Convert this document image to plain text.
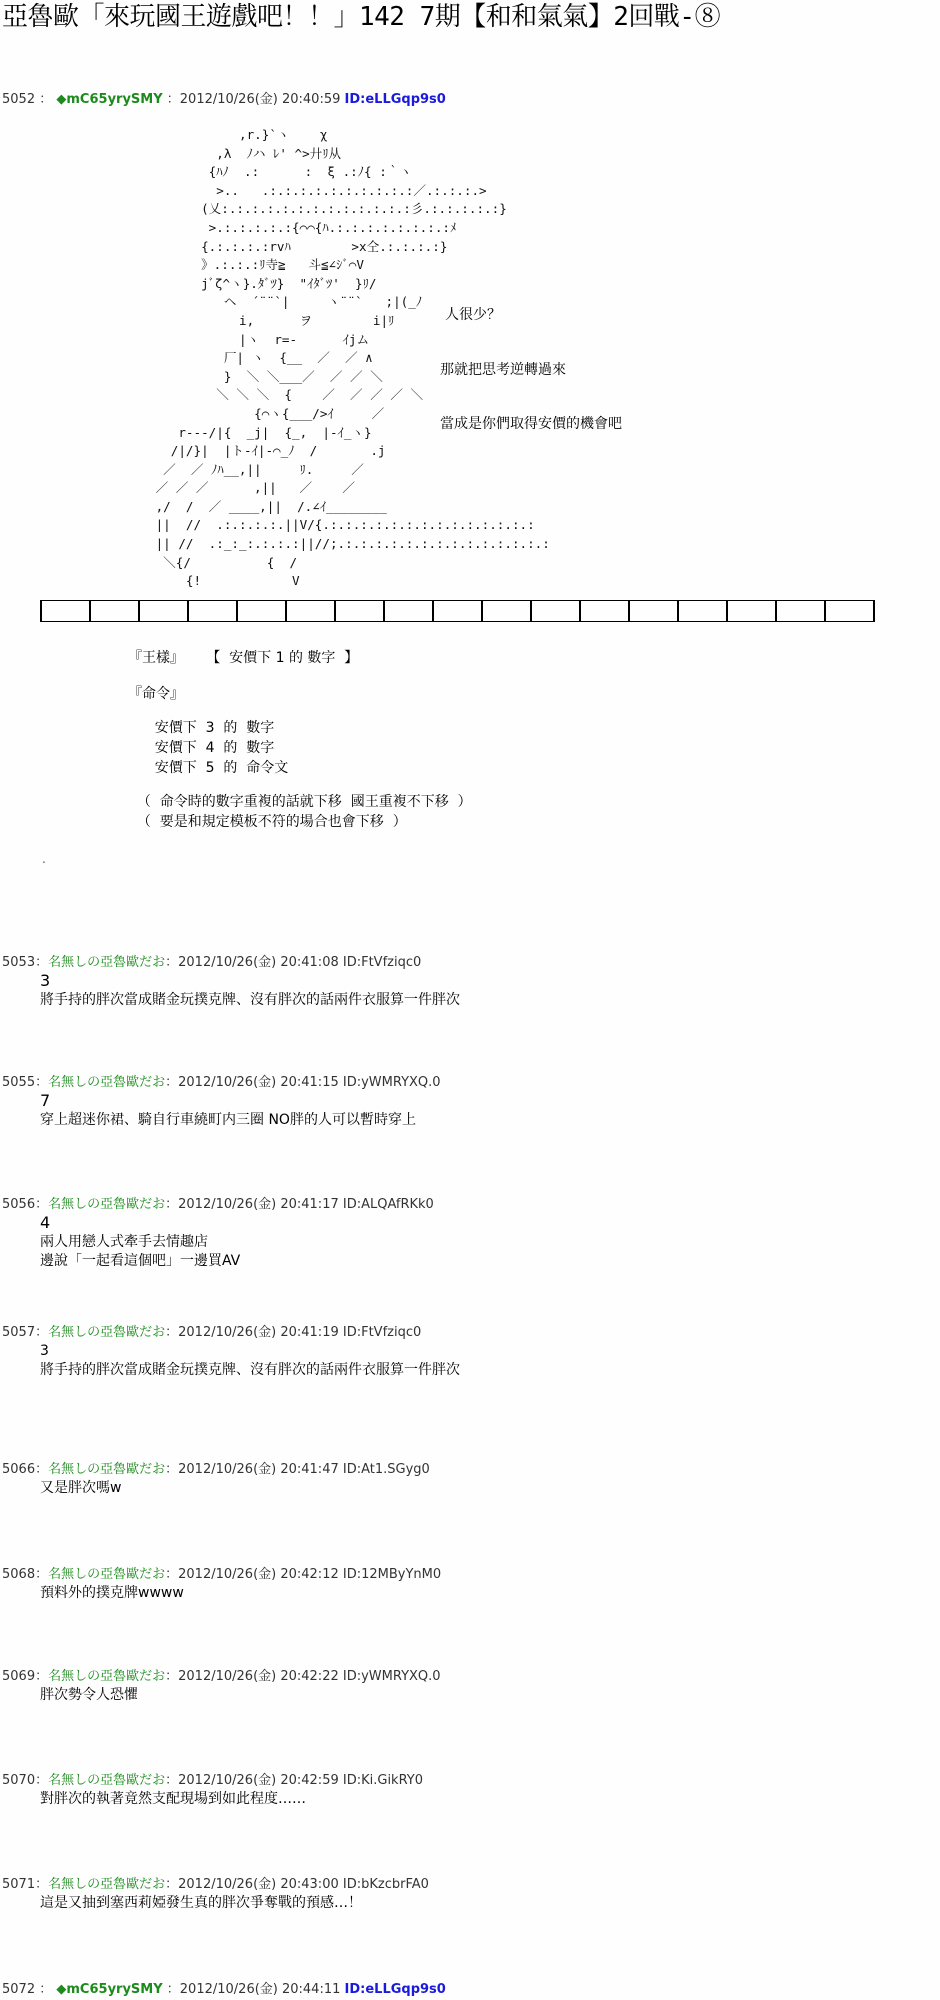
亞魯歐「來玩國王遊戲吧！！」142 7期【和和氣氣】2回戰-⑧
5052 ： ◆mC65yrySMY ：2012/10/26(金) 20:40:59 ID:eLLGqp9s0
,r.}`ヽ    χ
,λ  ﾉハ ﾚ' ^>廾ﾘ从
{ﾊﾉ  .:      :  ξ .:ﾉ{ :｀ヽ
>..   .:.:.:.:.:.:.:.:.:.:／.:.:.:.>
(乂:.:.:.:.:.:.:.:.:.:.:.:.:彡.:.:.:.:.:}
>.:.:.:.:.:{⌒⌒{ﾊ.:.:.:.:.:.:.:.:ﾒ
{.:.:.:.:rvﾊ        >x仝.:.:.:.:}
》.:.:.:ﾘ寺≧   斗≦∠ｼﾞ⌒V
jﾞζ^ヽ}.ﾀﾞﾂ}  "ｲﾀﾞﾂ'  }ﾘ/
ヘ  ´¨¨`|     ヽ¨¨`   ;|(_ﾉ
i,      ヲ        i|ﾘ
|ヽ  r=‐      ｲjム
厂| ヽ  {__  ／  ／ ∧
}  ＼ ＼___／  ／ ／ ＼
＼ ＼ ＼  {    ／  ／ ／ ／ ＼
{⌒ヽ{___/>ｲ     ／
r‐‐‐/|{  _j|  {_,  |‐ｲ_ヽ}
/|/}|  |ト‐ｲ|‐⌒_ﾉ  /       .j
／  ／ ﾉﾊ__,||     ﾘ.     ／
／ ／ ／      ,||   ／    ／
,/  /  ／ ____,||  /.∠ｲ________
||  //  .:.:.:.:.||V/{.:.:.:.:.:.:.:.:.:.:.:.:.:.:
|| //  .:_:_:.:.:.:||//;.:.:.:.:.:.:.:.:.:.:.:.:.:.:
＼{/          {  /
{!            V
人很少？
那就把思考逆轉過來
當成是你們取得安價的機會吧
『王樣』     【  安價下 1 的 數字  】
『命令』
安價下  3  的  數字
安價下  4  的  數字
安價下  5  的  命令文
（  命令時的數字重複的話就下移  國王重複不下移  ）
（  要是和規定模板不符的場合也會下移  ）
.
5053：名無しの亞魯歐だお：2012/10/26(金) 20:41:08 ID:FtVfziqc0
3
將手持的胖次當成賭金玩撲克牌、沒有胖次的話兩件衣服算一件胖次
5055：名無しの亞魯歐だお：2012/10/26(金) 20:41:15 ID:yWMRYXQ.0
7
穿上超迷你裙、騎自行車繞町内三圈 NO胖的人可以暫時穿上
5056：名無しの亞魯歐だお：2012/10/26(金) 20:41:17 ID:ALQAfRKk0
4
兩人用戀人式牽手去情趣店
邊說「一起看這個吧」一邊買AV
5057：名無しの亞魯歐だお：2012/10/26(金) 20:41:19 ID:FtVfziqc0
3
將手持的胖次當成賭金玩撲克牌、沒有胖次的話兩件衣服算一件胖次
5066：名無しの亞魯歐だお：2012/10/26(金) 20:41:47 ID:At1.SGyg0
又是胖次嗎w
5068：名無しの亞魯歐だお：2012/10/26(金) 20:42:12 ID:12MByYnM0
預料外的撲克牌wwww
5069：名無しの亞魯歐だお：2012/10/26(金) 20:42:22 ID:yWMRYXQ.0
胖次勢令人恐懼
5070：名無しの亞魯歐だお：2012/10/26(金) 20:42:59 ID:Ki.GikRY0
對胖次的執著竟然支配現場到如此程度……
5071：名無しの亞魯歐だお：2012/10/26(金) 20:43:00 ID:bKzcbrFA0
這是又抽到塞西莉婭發生真的胖次爭奪戰的預感…！
5072 ： ◆mC65yrySMY ：2012/10/26(金) 20:44:11 ID:eLLGqp9s0
